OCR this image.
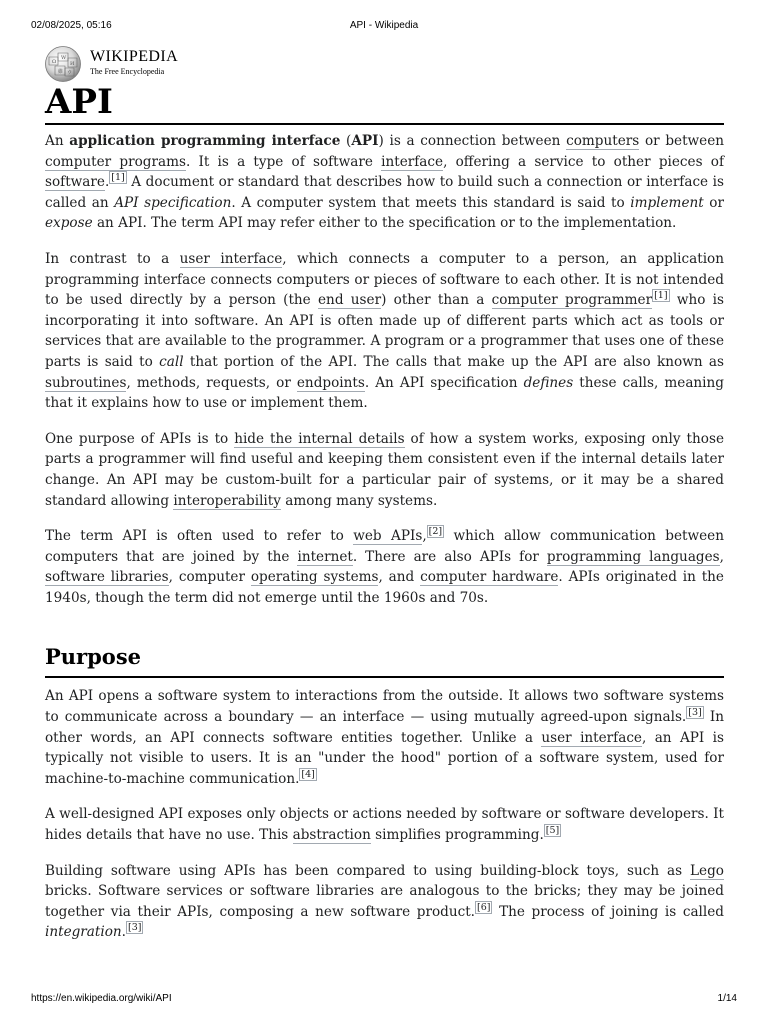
02/08/2025, 05:16	API - Wikipedia
Ω
W
И
維 ウ
WIKIPEDIA
The Free Encyclopedia
API

An application programming interface (API) is a connection between computers or between computer programs. It is a type of software interface, offering a service to other pieces of software. [1] A document or standard that describes how to build such a connection or interface is called an API specification. A computer system that meets this standard is said to implement or expose an API. The term API may refer either to the specification or to the implementation.

In contrast to a user interface, which connects a computer to a person, an application programming interface connects computers or pieces of software to each other. It is not intended to be used directly by a person (the end user) other than a computer programmer [1] who is incorporating it into software. An API is often made up of different parts which act as tools or services that are available to the programmer. A program or a programmer that uses one of these parts is said to call that portion of the API. The calls that make up the API are also known as subroutines, methods, requests, or endpoints. An API specification defines these calls, meaning that it explains how to use or implement them.

One purpose of APIs is to hide the internal details of how a system works, exposing only those parts a programmer will find useful and keeping them consistent even if the internal details later change. An API may be custom-built for a particular pair of systems, or it may be a shared standard allowing interoperability among many systems.

The term API is often used to refer to web APIs, [2] which allow communication between computers that are joined by the internet. There are also APIs for programming languages, software libraries, computer operating systems, and computer hardware. APIs originated in the 1940s, though the term did not emerge until the 1960s and 70s.

Purpose

An API opens a software system to interactions from the outside. It allows two software systems to communicate across a boundary — an interface — using mutually agreed-upon signals. [3] In other words, an API connects software entities together. Unlike a user interface, an API is typically not visible to users. It is an "under the hood" portion of a software system, used for machine-to-machine communication. [4]

A well-designed API exposes only objects or actions needed by software or software developers. It hides details that have no use. This abstraction simplifies programming. [5]

Building software using APIs has been compared to using building-block toys, such as Lego bricks. Software services or software libraries are analogous to the bricks; they may be joined together via their APIs, composing a new software product. [6] The process of joining is called integration. [3]

https://en.wikipedia.org/wiki/API	1/14
